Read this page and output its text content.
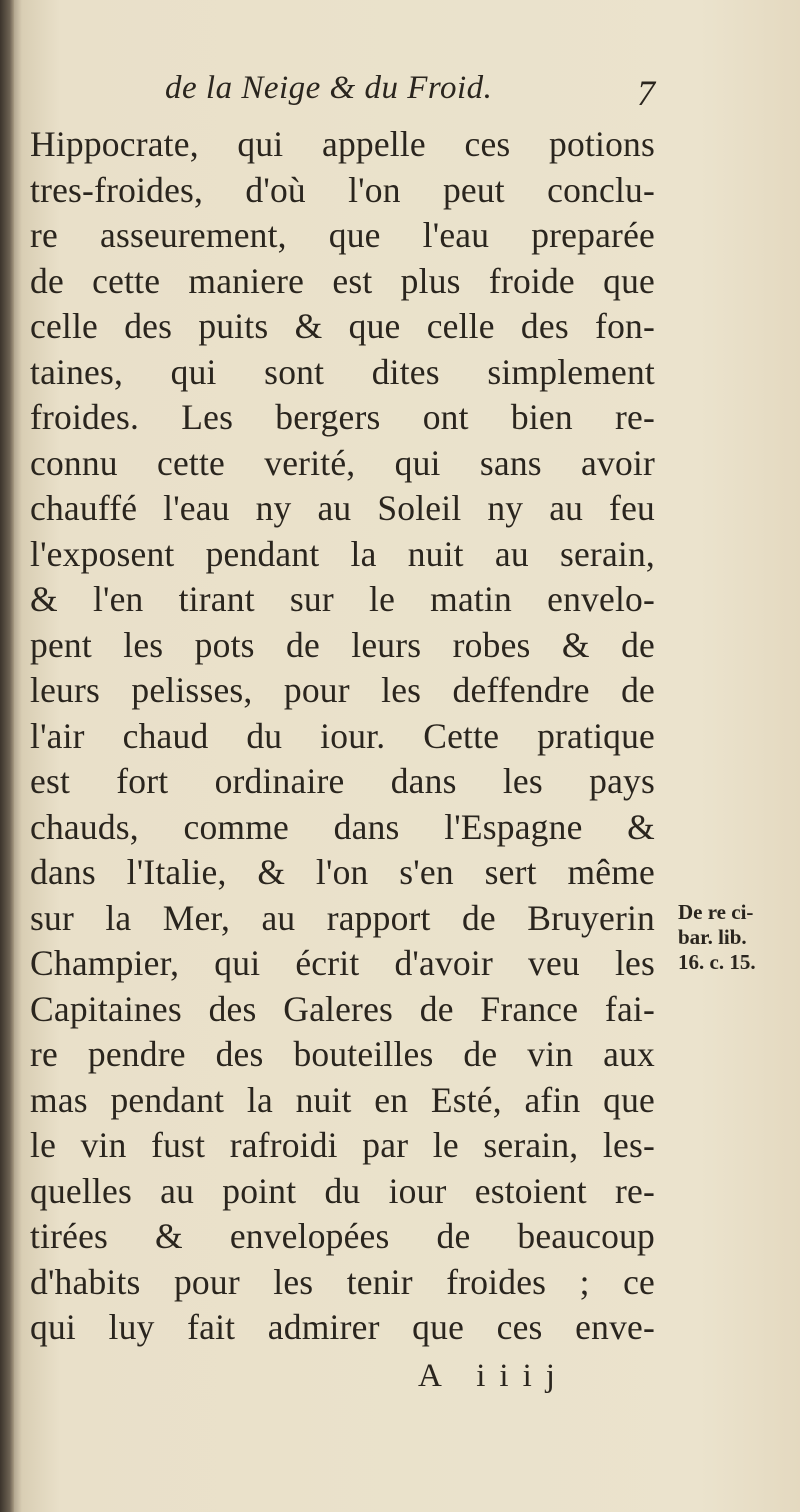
de la Neige & du Froid.	7
Hippocrate, qui appelle ces potions
tres-froides, d'où l'on peut conclu-
re asseurement, que l'eau preparée
de cette maniere est plus froide que
celle des puits & que celle des fon-
taines, qui sont dites simplement
froides. Les bergers ont bien re-
connu cette verité, qui sans avoir
chauffé l'eau ny au Soleil ny au feu
l'exposent pendant la nuit au serain,
& l'en tirant sur le matin envelo-
pent les pots de leurs robes & de
leurs pelisses, pour les deffendre de
l'air chaud du iour. Cette pratique
est fort ordinaire dans les pays
chauds, comme dans l'Espagne &
dans l'Italie, & l'on s'en sert même
sur la Mer, au rapport de Bruyerin
Champier, qui écrit d'avoir veu les
Capitaines des Galeres de France fai-
re pendre des bouteilles de vin aux
mas pendant la nuit en Esté, afin que
le vin fust rafroidi par le serain, les-
quelles au point du iour estoient re-
tirées & envelopées de beaucoup
d'habits pour les tenir froides ; ce
qui luy fait admirer que ces enve-
De re ci-
bar. lib.
16. c. 15.
A iiij
